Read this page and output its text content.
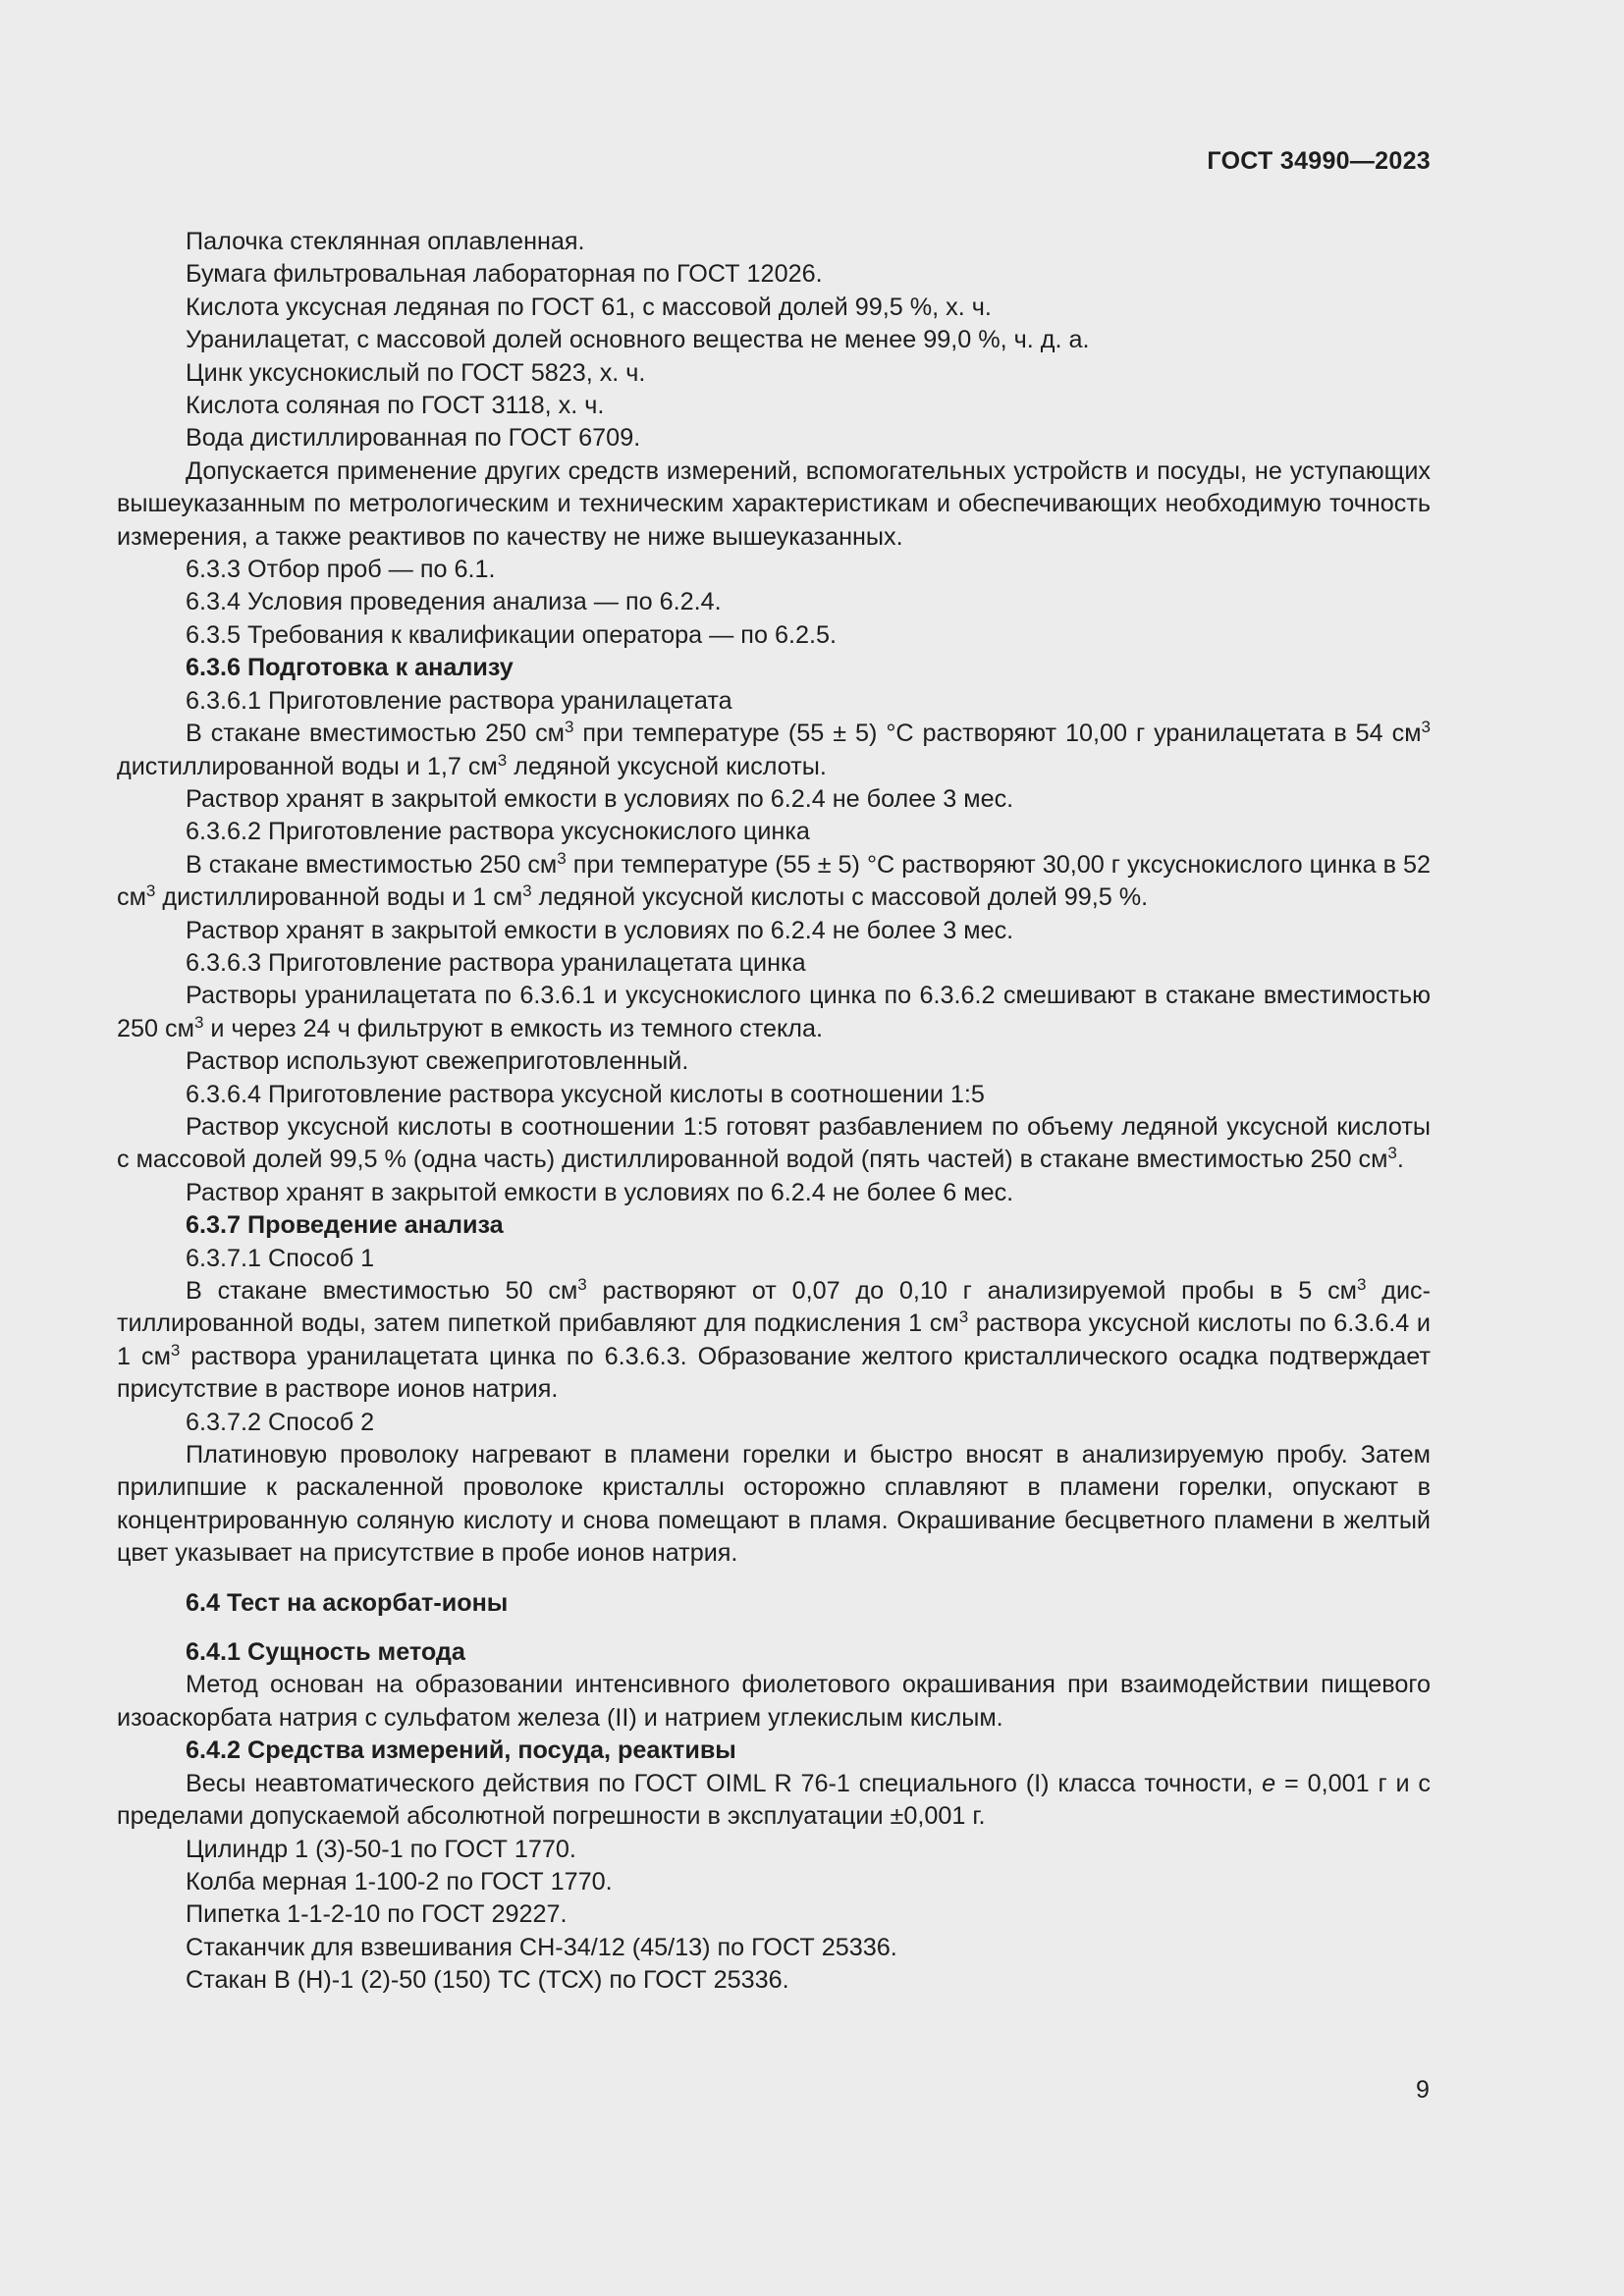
ГОСТ 34990—2023

Палочка стеклянная оплавленная.

Бумага фильтровальная лабораторная по ГОСТ 12026.

Кислота уксусная ледяная по ГОСТ 61, с массовой долей 99,5 %, х. ч.

Уранилацетат, с массовой долей основного вещества не менее 99,0 %, ч. д. а.

Цинк уксуснокислый по ГОСТ 5823, х. ч.

Кислота соляная по ГОСТ 3118, х. ч.

Вода дистиллированная по ГОСТ 6709.

Допускается применение других средств измерений, вспомогательных устройств и посуды, не уступающих вышеуказанным по метрологическим и техническим характеристикам и обеспечивающих необходимую точность измерения, а также реактивов по качеству не ниже вышеуказанных.

6.3.3 Отбор проб — по 6.1.

6.3.4 Условия проведения анализа — по 6.2.4.

6.3.5 Требования к квалификации оператора — по 6.2.5.

6.3.6 Подготовка к анализу

6.3.6.1 Приготовление раствора уранилацетата

В стакане вместимостью 250 $см^3$ при температуре (55 ± 5) °С растворяют 10,00 г уранилацетата в 54 $см^3$ дистиллированной воды и 1,7 $см^3$ ледяной уксусной кислоты.

Раствор хранят в закрытой емкости в условиях по 6.2.4 не более 3 мес.

6.3.6.2 Приготовление раствора уксуснокислого цинка

В стакане вместимостью 250 $см^3$ при температуре (55 ± 5) °С растворяют 30,00 г уксуснокислого цинка в 52 $см^3$ дистиллированной воды и 1 $см^3$ ледяной уксусной кислоты с массовой долей 99,5 %.

Раствор хранят в закрытой емкости в условиях по 6.2.4 не более 3 мес.

6.3.6.3 Приготовление раствора уранилацетата цинка

Растворы уранилацетата по 6.3.6.1 и уксуснокислого цинка по 6.3.6.2 смешивают в стакане вместимостью 250 $см^3$ и через 24 ч фильтруют в емкость из темного стекла.

Раствор используют свежеприготовленный.

6.3.6.4 Приготовление раствора уксусной кислоты в соотношении 1:5

Раствор уксусной кислоты в соотношении 1:5 готовят разбавлением по объему ледяной уксусной кислоты с массовой долей 99,5 % (одна часть) дистиллированной водой (пять частей) в стакане вместимостью 250 $см^3$.

Раствор хранят в закрытой емкости в условиях по 6.2.4 не более 6 мес.

6.3.7 Проведение анализа

6.3.7.1 Способ 1

В стакане вместимостью 50 $см^3$ растворяют от 0,07 до 0,10 г анализируемой пробы в 5 $см^3$ дистиллированной воды, затем пипеткой прибавляют для подкисления 1 $см^3$ раствора уксусной кислоты по 6.3.6.4 и 1 $см^3$ раствора уранилацетата цинка по 6.3.6.3. Образование желтого кристаллического осадка подтверждает присутствие в растворе ионов натрия.

6.3.7.2 Способ 2

Платиновую проволоку нагревают в пламени горелки и быстро вносят в анализируемую пробу. Затем прилипшие к раскаленной проволоке кристаллы осторожно сплавляют в пламени горелки, опускают в концентрированную соляную кислоту и снова помещают в пламя. Окрашивание бесцветного пламени в желтый цвет указывает на присутствие в пробе ионов натрия.

6.4 Тест на аскорбат-ионы

6.4.1 Сущность метода

Метод основан на образовании интенсивного фиолетового окрашивания при взаимодействии пищевого изоаскорбата натрия с сульфатом железа (II) и натрием углекислым кислым.

6.4.2 Средства измерений, посуда, реактивы

Весы неавтоматического действия по ГОСТ OIML R 76-1 специального (I) класса точности, е = 0,001 г и с пределами допускаемой абсолютной погрешности в эксплуатации ±0,001 г.

Цилиндр 1 (3)-50-1 по ГОСТ 1770.

Колба мерная 1-100-2 по ГОСТ 1770.

Пипетка 1-1-2-10 по ГОСТ 29227.

Стаканчик для взвешивания СН-34/12 (45/13) по ГОСТ 25336.

Стакан В (Н)-1 (2)-50 (150) ТС (ТСХ) по ГОСТ 25336.

9
